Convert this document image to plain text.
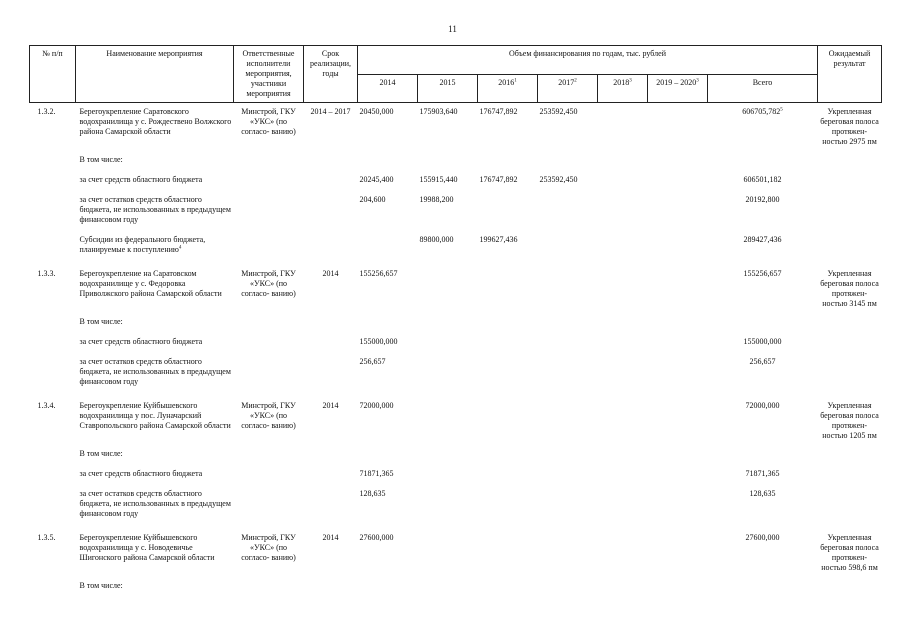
11
№ п/п	Наименование мероприятия	Ответственные исполнители мероприятия, участники мероприятия	Срок реализации, годы	Объем финансирования по годам, тыс. рублей							Ожидаемый результат
				2014	2015	2016$^1$	2017$^2$	2018$^3$	2019 – 2020$^3$	Всего	
1.3.2.	Берегоукрепление Саратовского водохранилища у с. Рождествено Волжского района Самарской области	Минстрой, ГКУ «УКС» (по согласо- ванию)	2014 – 2017	20450,000	175903,640	176747,892	253592,450			606705,782$^5$	Укрепленная береговая полоса протяжен- ностью 2975 пм
	В том числе:										
	за счет средств областного бюджета			20245,400	155915,440	176747,892	253592,450			606501,182	
	за счет остатков средств областного бюджета, не использованных в предыдущем финансовом году			204,600	19988,200					20192,800	
	Субсидии из федерального бюджета, планируемые к поступлению$^4$				89800,000	199627,436				289427,436	
1.3.3.	Берегоукрепление на Саратовском водохранилище у с. Федоровка Приволжского района Самарской области	Минстрой, ГКУ «УКС» (по согласо- ванию)	2014	155256,657						155256,657	Укрепленная береговая полоса протяжен- ностью 3145 пм
	В том числе:										
	за счет средств областного бюджета			155000,000						155000,000	
	за счет остатков средств областного бюджета, не использованных в предыдущем финансовом году			256,657						256,657	
1.3.4.	Берегоукрепление Куйбышевского водохранилища у пос. Луначарский Ставропольского района Самарской области	Минстрой, ГКУ «УКС» (по согласо- ванию)	2014	72000,000						72000,000	Укрепленная береговая полоса протяжен- ностью 1205 пм
	В том числе:										
	за счет средств областного бюджета			71871,365						71871,365	
	за счет остатков средств областного бюджета, не использованных в предыдущем финансовом году			128,635						128,635	
1.3.5.	Берегоукрепление Куйбышевского водохранилища у с. Новодевичье Шигонского района Самарской области	Минстрой, ГКУ «УКС» (по согласо- ванию)	2014	27600,000						27600,000	Укрепленная береговая полоса протяжен- ностью 598,6 пм
	В том числе:										
